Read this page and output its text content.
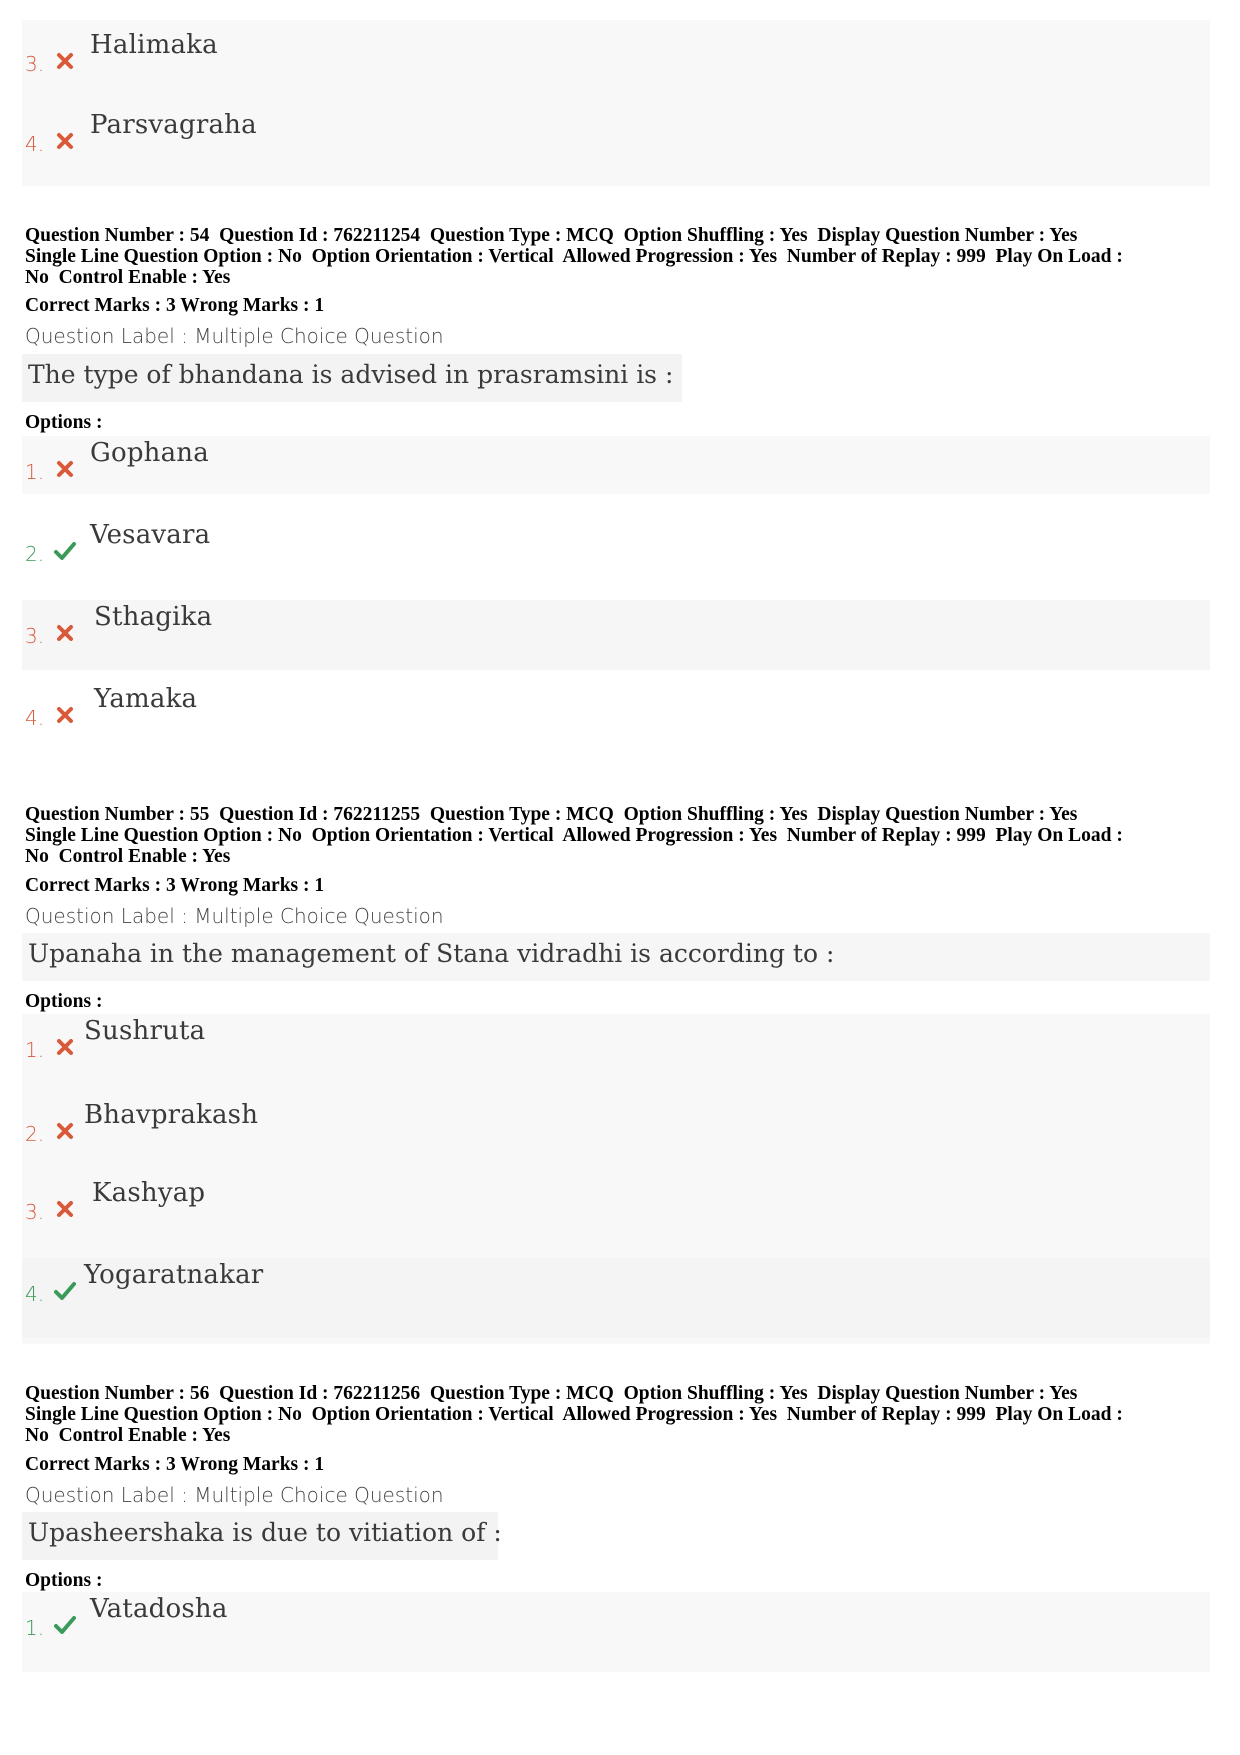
3.
Halimaka
4.
Parsvagraha
Question Number : 54  Question Id : 762211254  Question Type : MCQ  Option Shuffling : Yes  Display Question Number : Yes
Single Line Question Option : No  Option Orientation : Vertical  Allowed Progression : Yes  Number of Replay : 999  Play On Load :
No  Control Enable : Yes
Correct Marks : 3 Wrong Marks : 1
Question Label : Multiple Choice Question
The type of bhandana is advised in prasramsini is :
Options :
1.
Gophana
2.
Vesavara
3.
Sthagika
4.
Yamaka
Question Number : 55  Question Id : 762211255  Question Type : MCQ  Option Shuffling : Yes  Display Question Number : Yes
Single Line Question Option : No  Option Orientation : Vertical  Allowed Progression : Yes  Number of Replay : 999  Play On Load :
No  Control Enable : Yes
Correct Marks : 3 Wrong Marks : 1
Question Label : Multiple Choice Question
Upanaha in the management of Stana vidradhi is according to :
Options :
1.
Sushruta
2.
Bhavprakash
3.
Kashyap
4.
Yogaratnakar
Question Number : 56  Question Id : 762211256  Question Type : MCQ  Option Shuffling : Yes  Display Question Number : Yes
Single Line Question Option : No  Option Orientation : Vertical  Allowed Progression : Yes  Number of Replay : 999  Play On Load :
No  Control Enable : Yes
Correct Marks : 3 Wrong Marks : 1
Question Label : Multiple Choice Question
Upasheershaka is due to vitiation of :
Options :
1.
Vatadosha
